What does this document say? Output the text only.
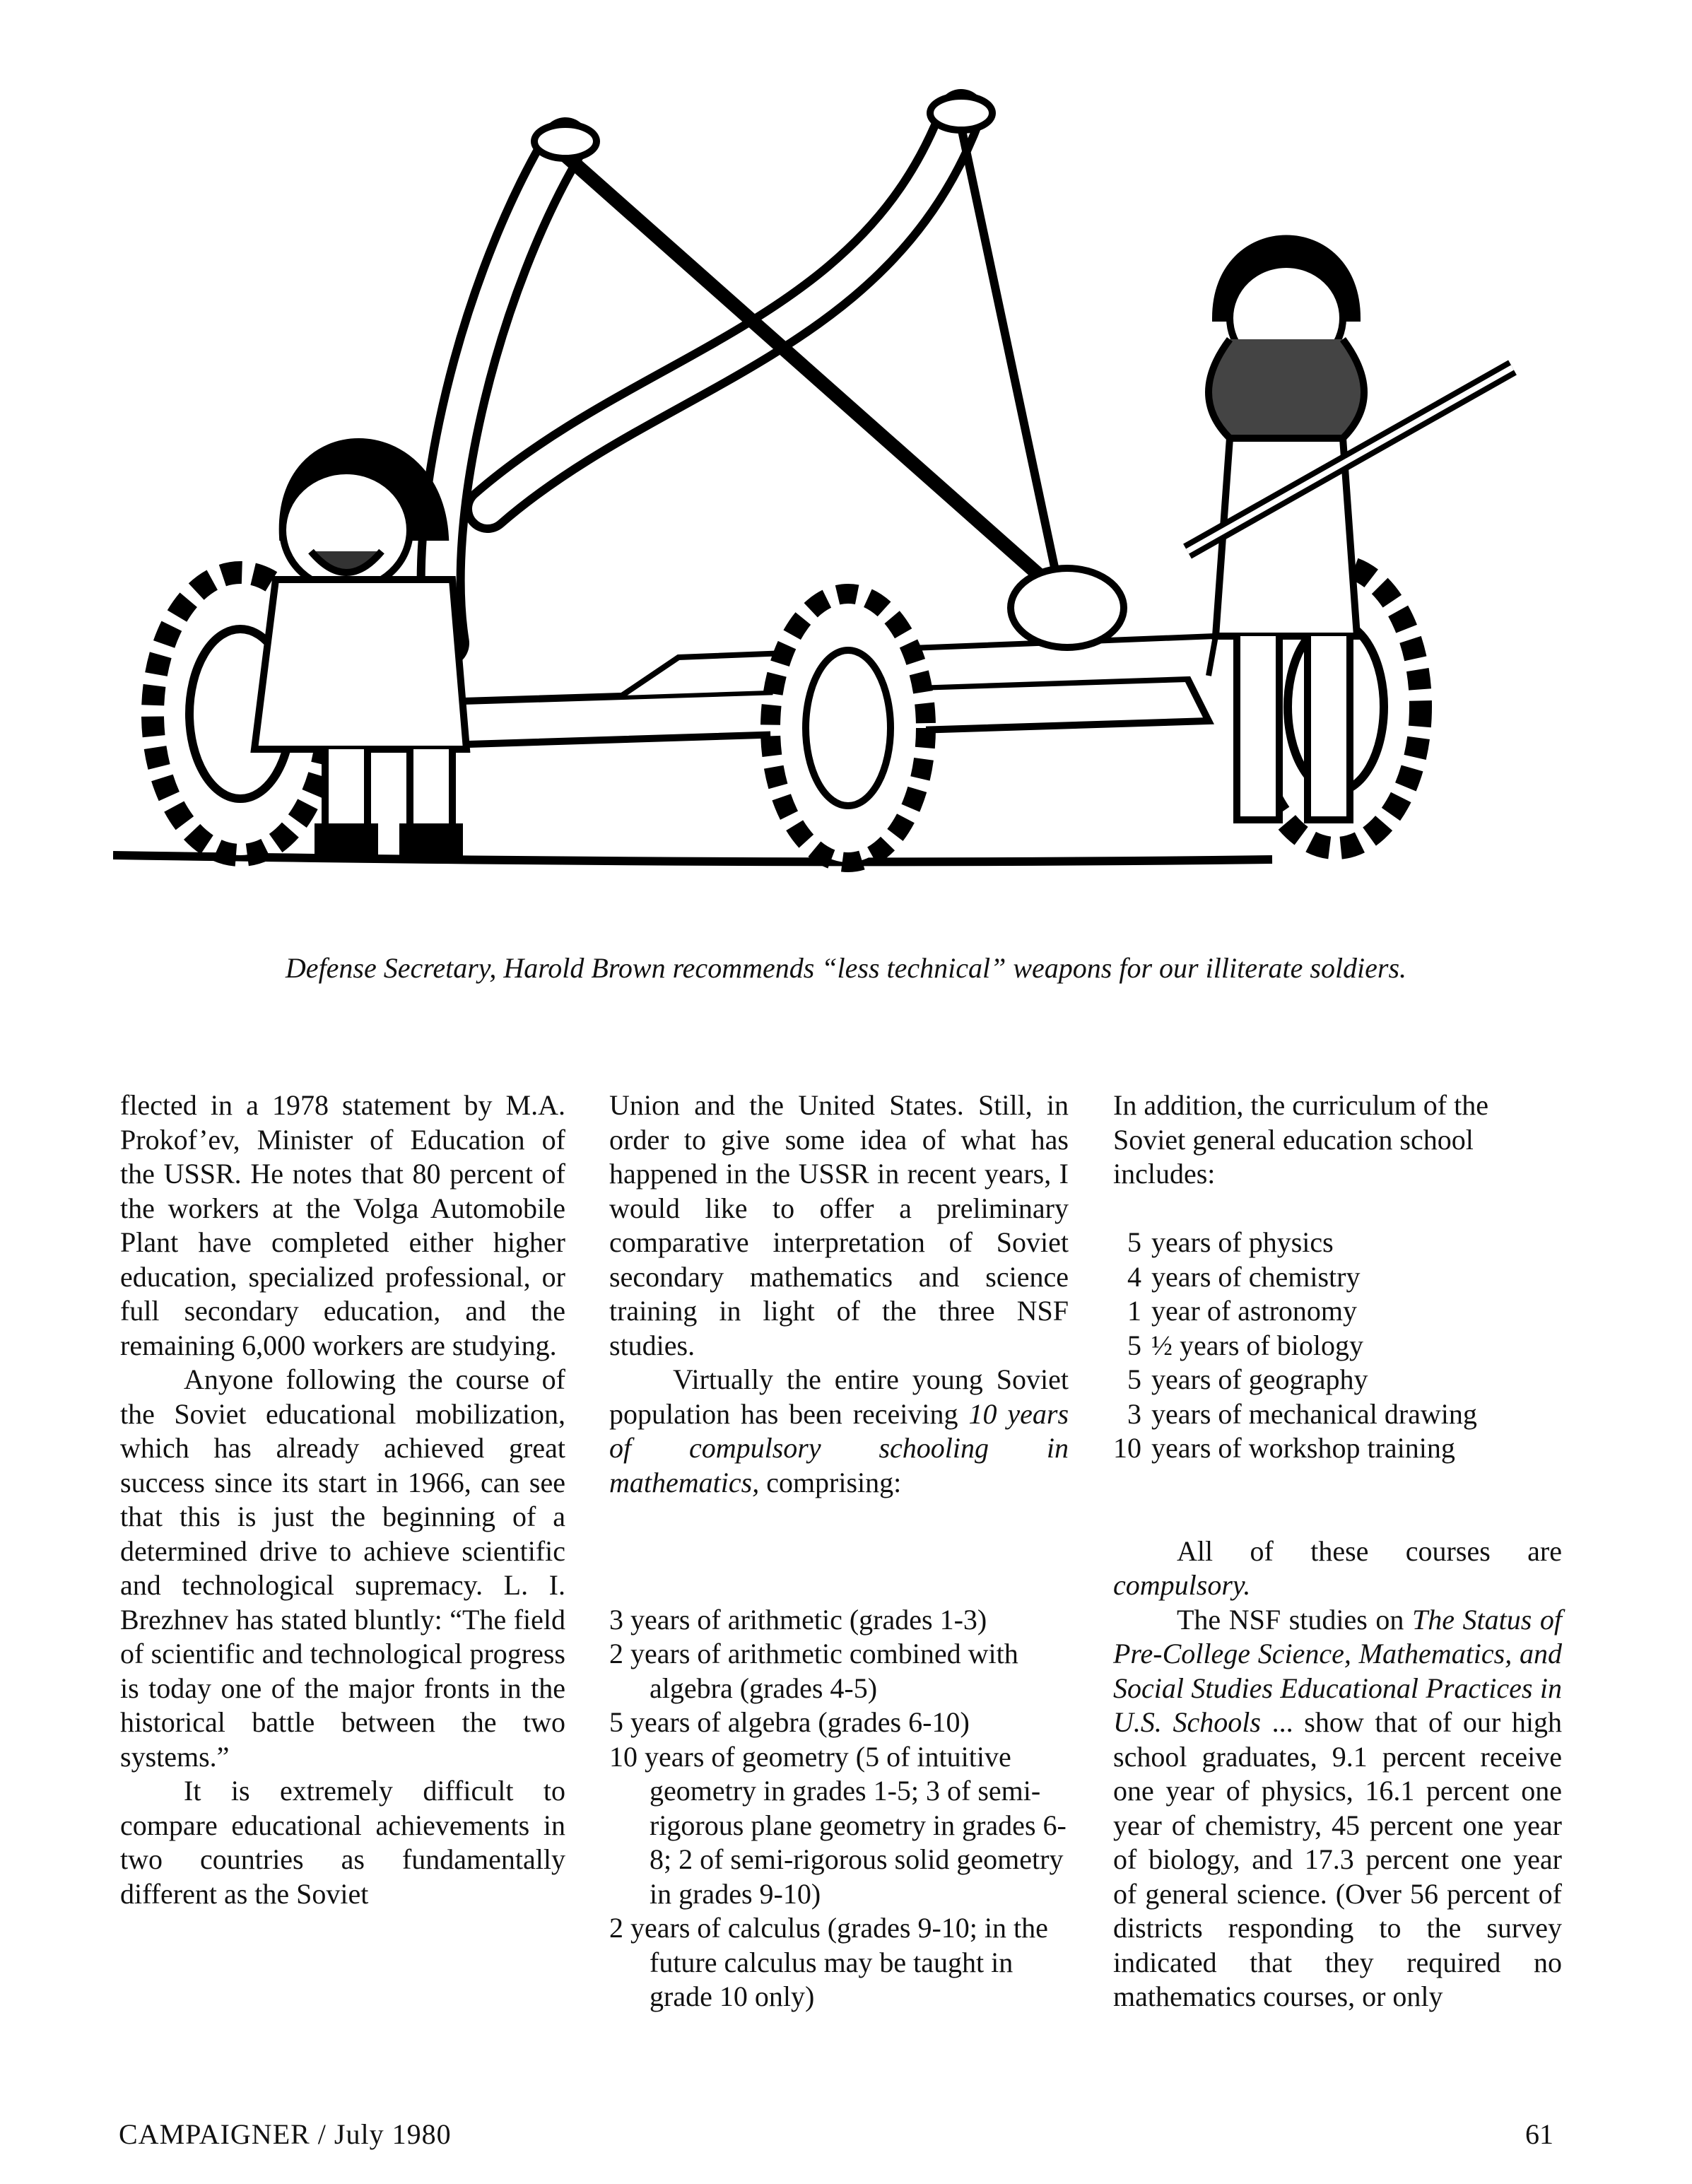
Defense Secretary, Harold Brown recommends “less technical” weapons for our illiterate soldiers.

flected in a 1978 statement by M.A. Prokof’ev, Minister of Education of the USSR. He notes that 80 percent of the workers at the Volga Automobile Plant have completed either higher education, specialized professional, or full secondary education, and the remaining 6,000 workers are studying.

Anyone following the course of the Soviet educational mobilization, which has already achieved great success since its start in 1966, can see that this is just the beginning of a determined drive to achieve scientific and technological supremacy. L. I. Brezhnev has stated bluntly: “The field of scientific and technological progress is today one of the major fronts in the historical battle between the two systems.”

It is extremely difficult to compare educational achievements in two countries as fundamentally different as the Soviet

Union and the United States. Still, in order to give some idea of what has happened in the USSR in recent years, I would like to offer a preliminary comparative interpretation of Soviet secondary mathematics and science training in light of the three NSF studies.

Virtually the entire young Soviet population has been receiving 10 years of compulsory schooling in mathematics, comprising:

3 years of arithmetic (grades 1-3)

2 years of arithmetic combined with algebra (grades 4-5)

5 years of algebra (grades 6-10)

10 years of geometry (5 of intuitive geometry in grades 1-5; 3 of semi-rigorous plane geometry in grades 6-8; 2 of semi-rigorous solid geometry in grades 9-10)

2 years of calculus (grades 9-10; in the future calculus may be taught in grade 10 only)

In addition, the curriculum of the Soviet general education school includes:

5 years of physics
4 years of chemistry
1 year of astronomy
5 ½ years of biology
5 years of geography
3 years of mechanical drawing
10 years of workshop training

All of these courses are compulsory.

The NSF studies on The Status of Pre-College Science, Mathematics, and Social Studies Educational Practices in U.S. Schools ... show that of our high school graduates, 9.1 percent receive one year of physics, 16.1 percent one year of chemistry, 45 percent one year of biology, and 17.3 percent one year of general science. (Over 56 percent of districts responding to the survey indicated that they required no mathematics courses, or only

CAMPAIGNER / July 1980	61
